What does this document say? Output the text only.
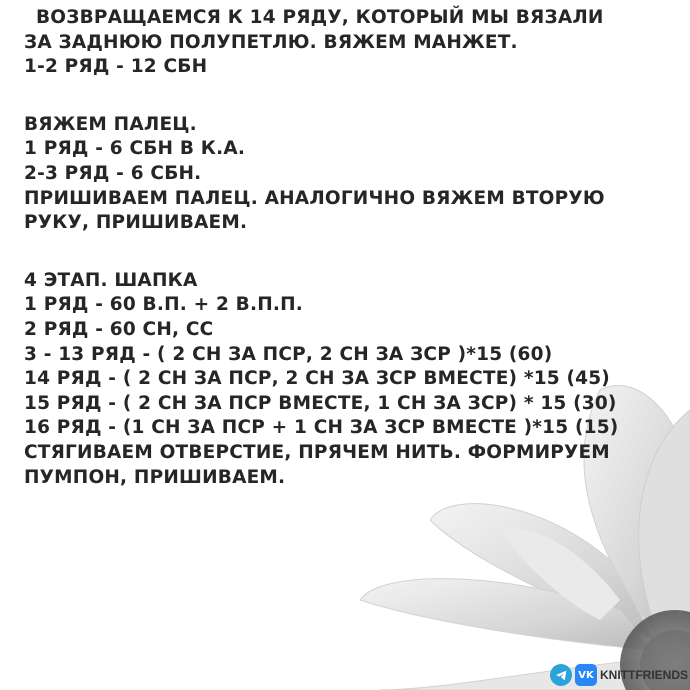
ВОЗВРАЩАЕМСЯ К 14 РЯДУ, КОТОРЫЙ МЫ ВЯЗАЛИ
ЗА ЗАДНЮЮ ПОЛУПЕТЛЮ. ВЯЖЕМ МАНЖЕТ.
1-2 РЯД - 12 СБН
ВЯЖЕМ ПАЛЕЦ.
1 РЯД - 6 СБН В К.А.
2-3 РЯД - 6 СБН.
ПРИШИВАЕМ ПАЛЕЦ. АНАЛОГИЧНО ВЯЖЕМ ВТОРУЮ
РУКУ, ПРИШИВАЕМ.
4 ЭТАП. ШАПКА
1 РЯД - 60 В.П. + 2 В.П.П.
2 РЯД - 60 СН, СС
3 - 13 РЯД - ( 2 СН ЗА ПСР, 2 СН ЗА ЗСР )*15 (60)
14 РЯД - ( 2 СН ЗА ПСР, 2 СН ЗА ЗСР ВМЕСТЕ) *15 (45)
15 РЯД - ( 2 СН ЗА ПСР ВМЕСТЕ, 1 СН ЗА ЗСР) * 15 (30)
16 РЯД - (1 СН ЗА ПСР + 1 СН ЗА ЗСР ВМЕСТЕ )*15 (15)
СТЯГИВАЕМ ОТВЕРСТИЕ, ПРЯЧЕМ НИТЬ. ФОРМИРУЕМ
ПУМПОН, ПРИШИВАЕМ.
VK KNITTFRIENDS
